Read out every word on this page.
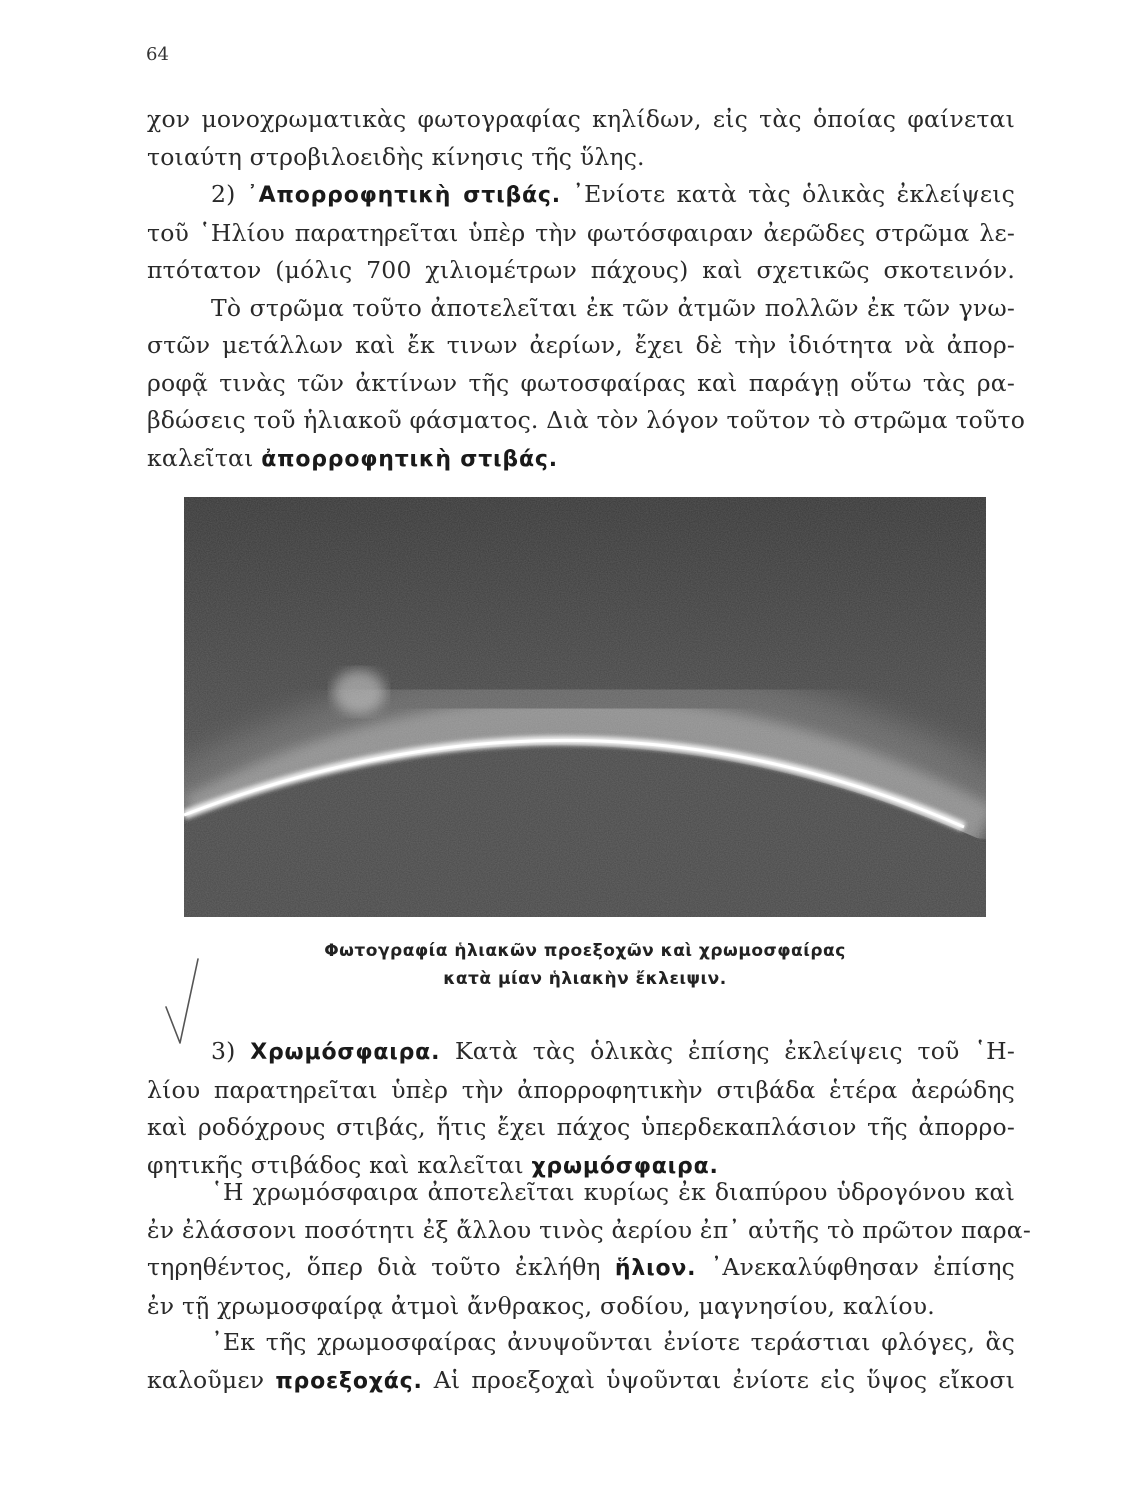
64
χον μονοχρωματικὰς φωτογραφίας κηλίδων, εἰς τὰς ὁποίας φαίνεται
τοιαύτη στροβιλοειδὴς κίνησις τῆς ὕλης.
2) ᾽Απορροφητικὴ στιβάς. ᾽Ενίοτε κατὰ τὰς ὁλικὰς ἐκλείψεις
τοῦ ῾Ηλίου παρατηρεῖται ὑπὲρ τὴν φωτόσφαιραν ἀερῶδες στρῶμα λε-
πτότατον (μόλις 700 χιλιομέτρων πάχους) καὶ σχετικῶς σκοτεινόν.
Τὸ στρῶμα τοῦτο ἀποτελεῖται ἐκ τῶν ἀτμῶν πολλῶν ἐκ τῶν γνω-
στῶν μετάλλων καὶ ἔκ τινων ἀερίων, ἔχει δὲ τὴν ἰδιότητα νὰ ἀπορ-
ροφᾷ τινὰς τῶν ἀκτίνων τῆς φωτοσφαίρας καὶ παράγῃ οὕτω τὰς ρα-
βδώσεις τοῦ ἡλιακοῦ φάσματος. Διὰ τὸν λόγον τοῦτον τὸ στρῶμα τοῦτο
καλεῖται ἀπορροφητικὴ στιβάς.
Φωτογραφία ἡλιακῶν προεξοχῶν καὶ χρωμοσφαίρας
κατὰ μίαν ἡλιακὴν ἔκλειψιν.
3) Χρωμόσφαιρα. Κατὰ τὰς ὁλικὰς ἐπίσης ἐκλείψεις τοῦ ῾Η-
λίου παρατηρεῖται ὑπὲρ τὴν ἀπορροφητικὴν στιβάδα ἑτέρα ἀερώδης
καὶ ροδόχρους στιβάς, ἥτις ἔχει πάχος ὑπερδεκαπλάσιον τῆς ἀπορρο-
φητικῆς στιβάδος καὶ καλεῖται χρωμόσφαιρα.
῾Η χρωμόσφαιρα ἀποτελεῖται κυρίως ἐκ διαπύρου ὑδρογόνου καὶ
ἐν ἐλάσσονι ποσότητι ἐξ ἄλλου τινὸς ἀερίου ἐπ᾽ αὐτῆς τὸ πρῶτον παρα-
τηρηθέντος, ὅπερ διὰ τοῦτο ἐκλήθη ἥλιον. ᾽Ανεκαλύφθησαν ἐπίσης
ἐν τῇ χρωμοσφαίρᾳ ἀτμοὶ ἄνθρακος, σοδίου, μαγνησίου, καλίου.
᾽Εκ τῆς χρωμοσφαίρας ἀνυψοῦνται ἐνίοτε τεράστιαι φλόγες, ἃς
καλοῦμεν προεξοχάς. Αἱ προεξοχαὶ ὑψοῦνται ἐνίοτε εἰς ὕψος εἴκοσι
